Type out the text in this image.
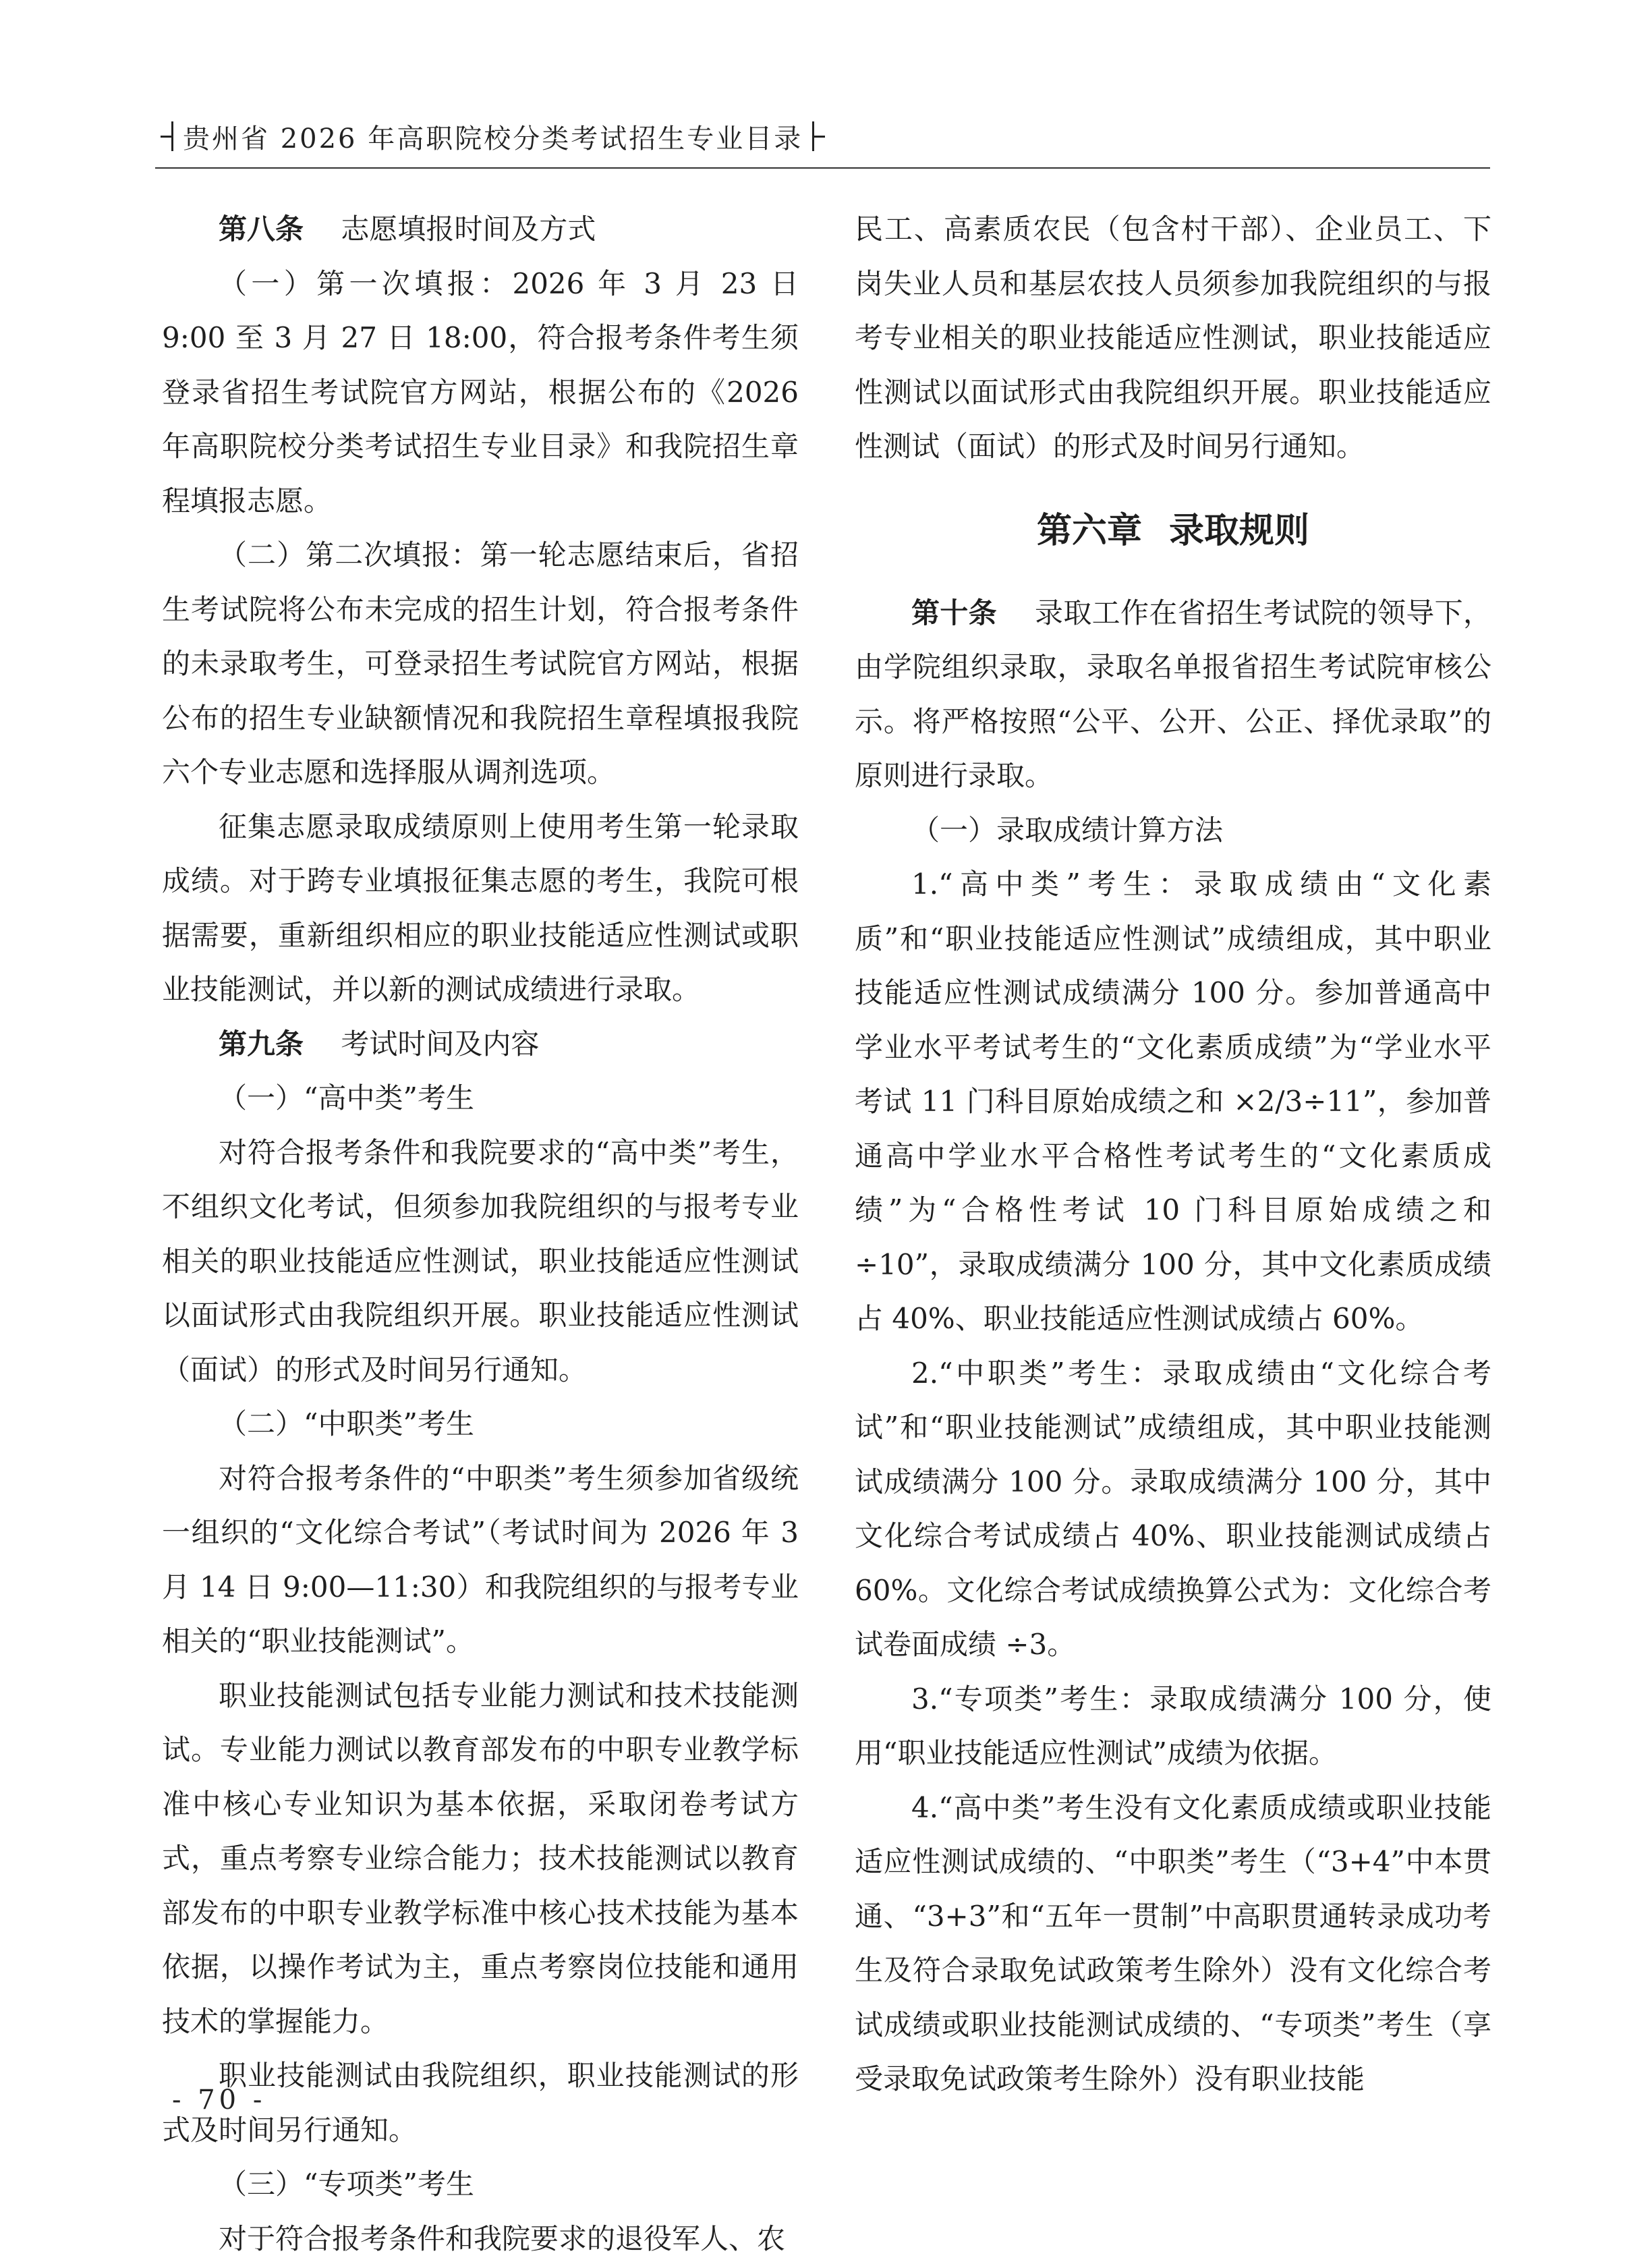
贵州省 2026 年高职院校分类考试招生专业目录

第八条　 志愿填报时间及方式

（一）第一次填报：2026 年 3 月 23 日 9:00 至 3 月 27 日 18:00，符合报考条件考生须登录省招生考试院官方网站，根据公布的《2026 年高职院校分类考试招生专业目录》和我院招生章程填报志愿。

（二）第二次填报：第一轮志愿结束后，省招生考试院将公布未完成的招生计划，符合报考条件的未录取考生，可登录招生考试院官方网站，根据公布的招生专业缺额情况和我院招生章程填报我院六个专业志愿和选择服从调剂选项。

征集志愿录取成绩原则上使用考生第一轮录取成绩。对于跨专业填报征集志愿的考生，我院可根据需要，重新组织相应的职业技能适应性测试或职业技能测试，并以新的测试成绩进行录取。

第九条　 考试时间及内容

（一）“高中类”考生

对符合报考条件和我院要求的“高中类”考生，不组织文化考试，但须参加我院组织的与报考专业相关的职业技能适应性测试，职业技能适应性测试以面试形式由我院组织开展。职业技能适应性测试（面试）的形式及时间另行通知。

（二）“中职类”考生

对符合报考条件的“中职类”考生须参加省级统一组织的“文化综合考试”（考试时间为 2026 年 3 月 14 日 9:00—11:30）和我院组织的与报考专业相关的“职业技能测试”。

职业技能测试包括专业能力测试和技术技能测试。专业能力测试以教育部发布的中职专业教学标准中核心专业知识为基本依据，采取闭卷考试方式，重点考察专业综合能力；技术技能测试以教育部发布的中职专业教学标准中核心技术技能为基本依据，以操作考试为主，重点考察岗位技能和通用技术的掌握能力。

职业技能测试由我院组织，职业技能测试的形式及时间另行通知。

（三）“专项类”考生

对于符合报考条件和我院要求的退役军人、农

民工、高素质农民（包含村干部）、企业员工、下岗失业人员和基层农技人员须参加我院组织的与报考专业相关的职业技能适应性测试，职业技能适应性测试以面试形式由我院组织开展。职业技能适应性测试（面试）的形式及时间另行通知。

第六章 录取规则

第十条　 录取工作在省招生考试院的领导下，由学院组织录取，录取名单报省招生考试院审核公示。将严格按照“公平、公开、公正、择优录取”的原则进行录取。

（一）录取成绩计算方法

1.“高中类”考生：录取成绩由“文化素质”和“职业技能适应性测试”成绩组成，其中职业技能适应性测试成绩满分 100 分。参加普通高中学业水平考试考生的“文化素质成绩”为“学业水平考试 11 门科目原始成绩之和 ×2/3÷11”，参加普通高中学业水平合格性考试考生的“文化素质成绩”为“合格性考试 10 门科目原始成绩之和 ÷10”，录取成绩满分 100 分，其中文化素质成绩占 40%、职业技能适应性测试成绩占 60%。

2.“中职类”考生：录取成绩由“文化综合考试”和“职业技能测试”成绩组成，其中职业技能测试成绩满分 100 分。录取成绩满分 100 分，其中文化综合考试成绩占 40%、职业技能测试成绩占 60%。文化综合考试成绩换算公式为：文化综合考试卷面成绩 ÷3。

3.“专项类”考生：录取成绩满分 100 分，使用“职业技能适应性测试”成绩为依据。

4.“高中类”考生没有文化素质成绩或职业技能适应性测试成绩的、“中职类”考生（“3+4”中本贯通、“3+3”和“五年一贯制”中高职贯通转录成功考生及符合录取免试政策考生除外）没有文化综合考试成绩或职业技能测试成绩的、“专项类”考生（享受录取免试政策考生除外）没有职业技能

- 70 -
